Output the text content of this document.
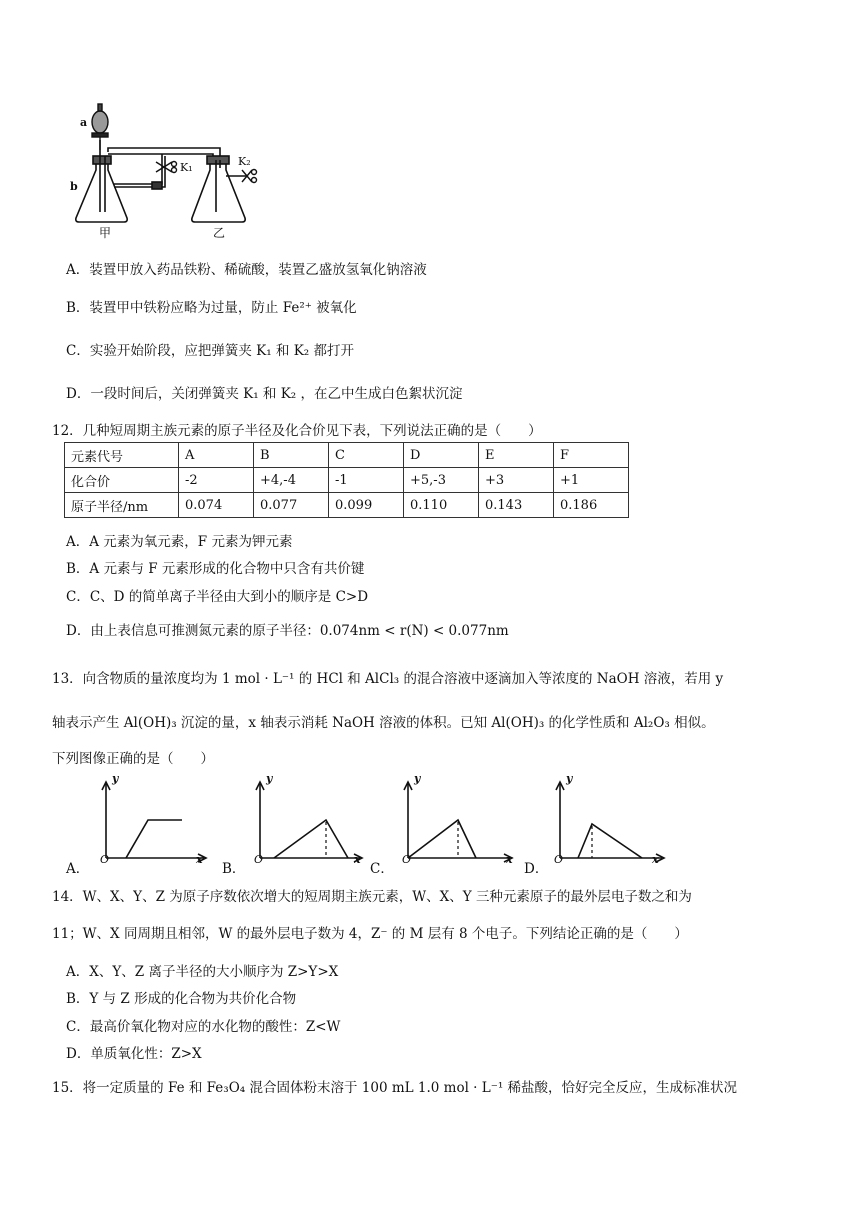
a
b
K₁	K₂
甲	乙
A．装置甲放入药品铁粉、稀硫酸，装置乙盛放氢氧化钠溶液
B．装置甲中铁粉应略为过量，防止 Fe²⁺ 被氧化
C．实验开始阶段，应把弹簧夹 K₁ 和 K₂ 都打开
D．一段时间后，关闭弹簧夹 K₁ 和 K₂ ，在乙中生成白色絮状沉淀
12．几种短周期主族元素的原子半径及化合价见下表，下列说法正确的是（　　）
元素代号	A	B	C	D	E	F
化合价	-2	+4,-4	-1	+5,-3	+3	+1
原子半径/nm	0.074	0.077	0.099	0.110	0.143	0.186
A．A 元素为氧元素，F 元素为钾元素
B．A 元素与 F 元素形成的化合物中只含有共价键
C．C、D 的简单离子半径由大到小的顺序是 C>D
D．由上表信息可推测氮元素的原子半径：0.074nm < r(N) < 0.077nm
13．向含物质的量浓度均为 1 mol · L⁻¹ 的 HCl 和 AlCl₃ 的混合溶液中逐滴加入等浓度的 NaOH 溶液，若用 y
轴表示产生 Al(OH)₃ 沉淀的量，x 轴表示消耗 NaOH 溶液的体积。已知 Al(OH)₃ 的化学性质和 Al₂O₃ 相似。
下列图像正确的是（　　）
y
O	x
A．
y
O	x
B．
y
O	x
C．
y
O	x
D．
14．W、X、Y、Z 为原子序数依次增大的短周期主族元素，W、X、Y 三种元素原子的最外层电子数之和为
11；W、X 同周期且相邻，W 的最外层电子数为 4，Z⁻ 的 M 层有 8 个电子。下列结论正确的是（　　）
A．X、Y、Z 离子半径的大小顺序为 Z>Y>X
B．Y 与 Z 形成的化合物为共价化合物
C．最高价氧化物对应的水化物的酸性：Z<W
D．单质氧化性：Z>X
15．将一定质量的 Fe 和 Fe₃O₄ 混合固体粉末溶于 100 mL 1.0 mol · L⁻¹ 稀盐酸，恰好完全反应，生成标准状况
